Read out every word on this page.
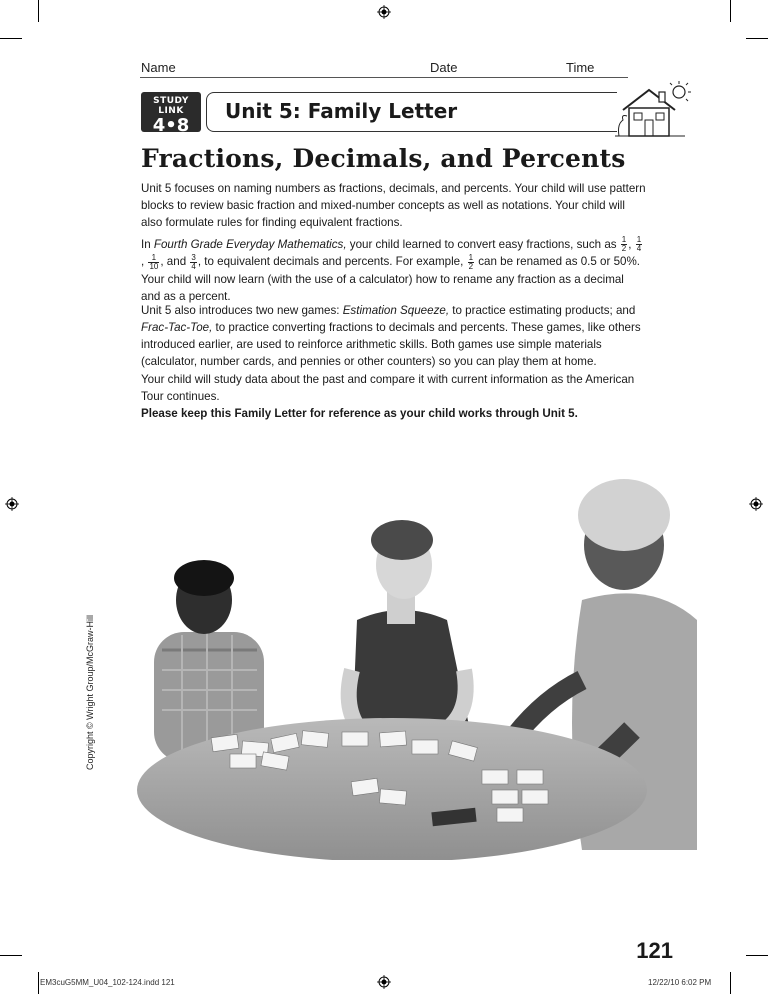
Name	Date	Time
STUDY LINK
4•8
Unit 5: Family Letter
Fractions, Decimals, and Percents

Unit 5 focuses on naming numbers as fractions, decimals, and percents. Your child will use pattern blocks to review basic fraction and mixed-number concepts as well as notations. Your child will also formulate rules for finding equivalent fractions.

In Fourth Grade Everyday Mathematics, your child learned to convert easy fractions, such as $\frac{1}{2}$ , $\frac{1}{4}$
, $\frac{1}{10}$ , and $\frac{3}{4}$ , to equivalent decimals and percents. For example, $\frac{1}{2}$ can be renamed as 0.5 or 50%. Your child will now learn (with the use of a calculator) how to rename any fraction as a decimal and as a percent.

Unit 5 also introduces two new games: Estimation Squeeze, to practice estimating products; and Frac-Tac-Toe, to practice converting fractions to decimals and percents. These games, like others introduced earlier, are used to reinforce arithmetic skills. Both games use simple materials (calculator, number cards, and pennies or other counters) so you can play them at home.

Your child will study data about the past and compare it with current information as the American Tour continues.

Please keep this Family Letter for reference as your child works through Unit 5.
Copyright © Wright Group/McGraw-Hill
121
EM3cuG5MM_U04_102-124.indd 121	12/22/10 6:02 PM
